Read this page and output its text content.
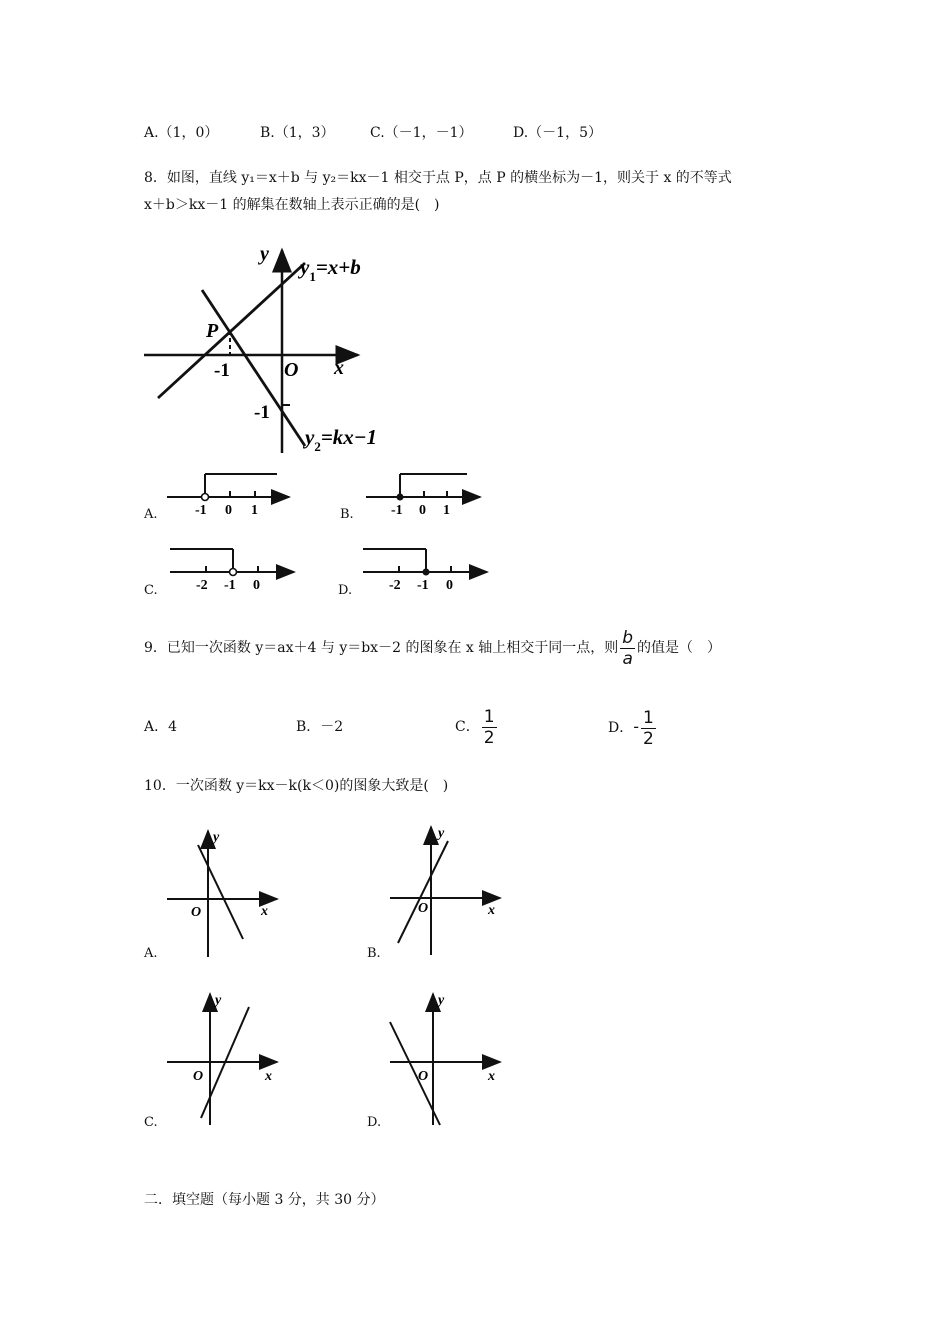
A.（1，0）	B.（1，3）	C.（－1，－1）	D.（－1，5）
8．如图，直线 y₁＝x＋b 与 y₂＝kx－1 相交于点 P，点 P 的横坐标为－1，则关于 x 的不等式
x＋b＞kx－1 的解集在数轴上表示正确的是(　)
y
x
O
P
-1
-1
$y_1=x+b$
$y_2=kx-1$
A.	-1 0 1	B.	-1 0 1
C.	-2 -1 0	D.	-2 -1 0
9．已知一次函数 y＝ax＋4 与 y＝bx－2 的图象在 x 轴上相交于同一点，则 $\frac{b}{a}$ 的值是（　）
A．4	B．－2	C． $\frac{1}{2}$	D．- $\frac{1}{2}$
10．一次函数 y＝kx－k(k＜0)的图象大致是(　)
A.
y
x
O
B.
y
x
O
C.
y
x
O
D.
y
x
O
二．填空题（每小题 3 分，共 30 分）
